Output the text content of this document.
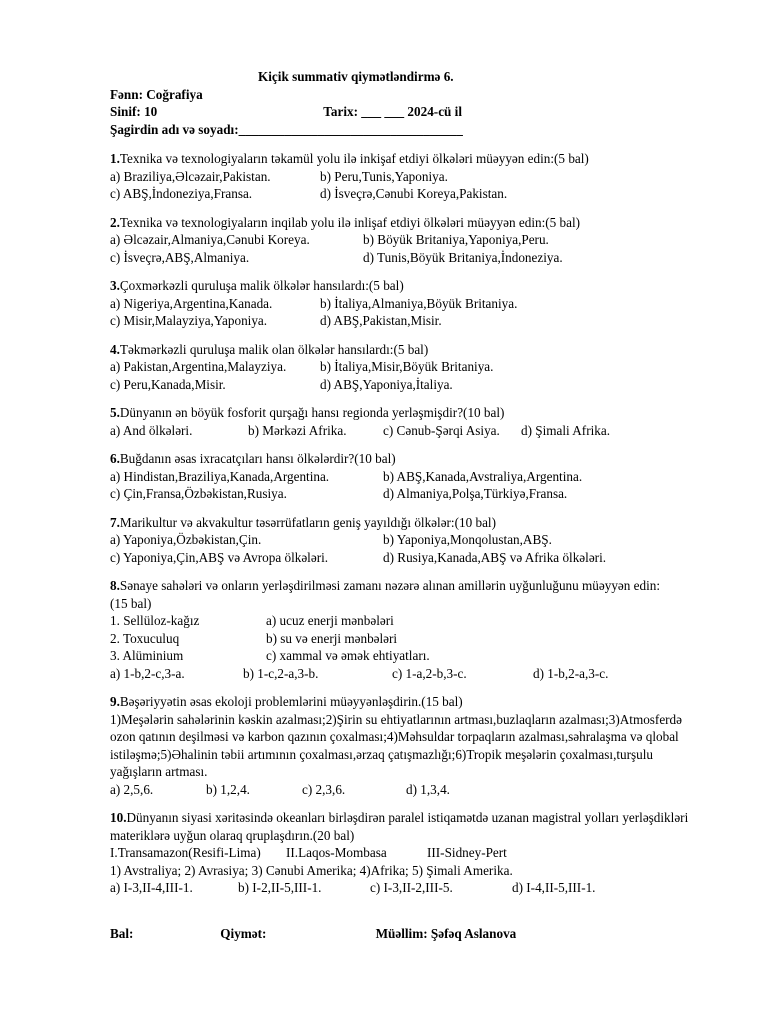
Kiçik summativ qiymətləndirmə 6.
Fənn: Coğrafiya
Sinif: 10	Tarix: ___ ___ 2024-cü il
Şagirdin adı və soyadı:__________________________________
1.Texnika və texnologiyaların təkamül yolu ilə inkişaf etdiyi ölkələri müəyyən edin:(5 bal)
a) Braziliya,Əlcəzair,Pakistan.	b) Peru,Tunis,Yaponiya.
c) ABŞ,İndoneziya,Fransa.	d) İsveçrə,Cənubi Koreya,Pakistan.
2.Texnika və texnologiyaların inqilab yolu ilə inlişaf etdiyi ölkələri müəyyən edin:(5 bal)
a) Əlcəzair,Almaniya,Cənubi Koreya.	b) Böyük Britaniya,Yaponiya,Peru.
c) İsveçrə,ABŞ,Almaniya.	d) Tunis,Böyük Britaniya,İndoneziya.
3.Çoxmərkəzli quruluşa malik ölkələr hansılardı:(5 bal)
a) Nigeriya,Argentina,Kanada.	b) İtaliya,Almaniya,Böyük Britaniya.
c) Misir,Malayziya,Yaponiya.	d) ABŞ,Pakistan,Misir.
4.Təkmərkəzli quruluşa malik olan ölkələr hansılardı:(5 bal)
a) Pakistan,Argentina,Malayziya.	b) İtaliya,Misir,Böyük Britaniya.
c) Peru,Kanada,Misir.	d) ABŞ,Yaponiya,İtaliya.
5.Dünyanın ən böyük fosforit qurşağı hansı regionda yerləşmişdir?(10 bal)
a) And ölkələri.	b) Mərkəzi Afrika.	c) Cənub-Şərqi Asiya. d) Şimali Afrika.
6.Buğdanın əsas ixracatçıları hansı ölkələrdir?(10 bal)
a) Hindistan,Braziliya,Kanada,Argentina.	b) ABŞ,Kanada,Avstraliya,Argentina.
c) Çin,Fransa,Özbəkistan,Rusiya.	d) Almaniya,Polşa,Türkiyə,Fransa.
7.Marikultur və akvakultur təsərrüfatların geniş yayıldığı ölkələr:(10 bal)
a) Yaponiya,Özbəkistan,Çin.	b) Yaponiya,Monqolustan,ABŞ.
c) Yaponiya,Çin,ABŞ və Avropa ölkələri.	d) Rusiya,Kanada,ABŞ və Afrika ölkələri.
8.Sənaye sahələri və onların yerləşdirilməsi zamanı nəzərə alınan amillərin uyğunluğunu müəyyən edin:
(15 bal)
1. Sellüloz-kağız	a) ucuz enerji mənbələri
2. Toxuculuq	b) su və enerji mənbələri
3. Alüminium	c) xammal və əmək ehtiyatları.
a) 1-b,2-c,3-a.	b) 1-c,2-a,3-b.	c) 1-a,2-b,3-c.	d) 1-b,2-a,3-c.
9.Bəşəriyyətin əsas ekoloji problemlərini müəyyənləşdirin.(15 bal)
1)Meşələrin sahələrinin kəskin azalması;2)Şirin su ehtiyatlarının artması,buzlaqların azalması;3)Atmosferdə ozon qatının deşilməsi və karbon qazının çoxalması;4)Məhsuldar torpaqların azalması,səhralaşma və qlobal istiləşmə;5)Əhalinin təbii artımının çoxalması,ərzaq çatışmazlığı;6)Tropik meşələrin çoxalması,turşulu yağışların artması.
a) 2,5,6.	b) 1,2,4.	c) 2,3,6.	d) 1,3,4.
10.Dünyanın siyasi xəritəsində okeanları birləşdirən paralel istiqamətdə uzanan magistral yolları yerləşdikləri materiklərə uyğun olaraq qruplaşdırın.(20 bal)
I.Transamazon(Resifi-Lima) II.Laqos-Mombasa	III-Sidney-Pert
1) Avstraliya; 2) Avrasiya; 3) Cənubi Amerika; 4)Afrika; 5) Şimali Amerika.
a) I-3,II-4,III-1.	b) I-2,II-5,III-1.	c) I-3,II-2,III-5.	d) I-4,II-5,III-1.
Bal:	Qiymət:	Müəllim: Şəfəq Aslanova
